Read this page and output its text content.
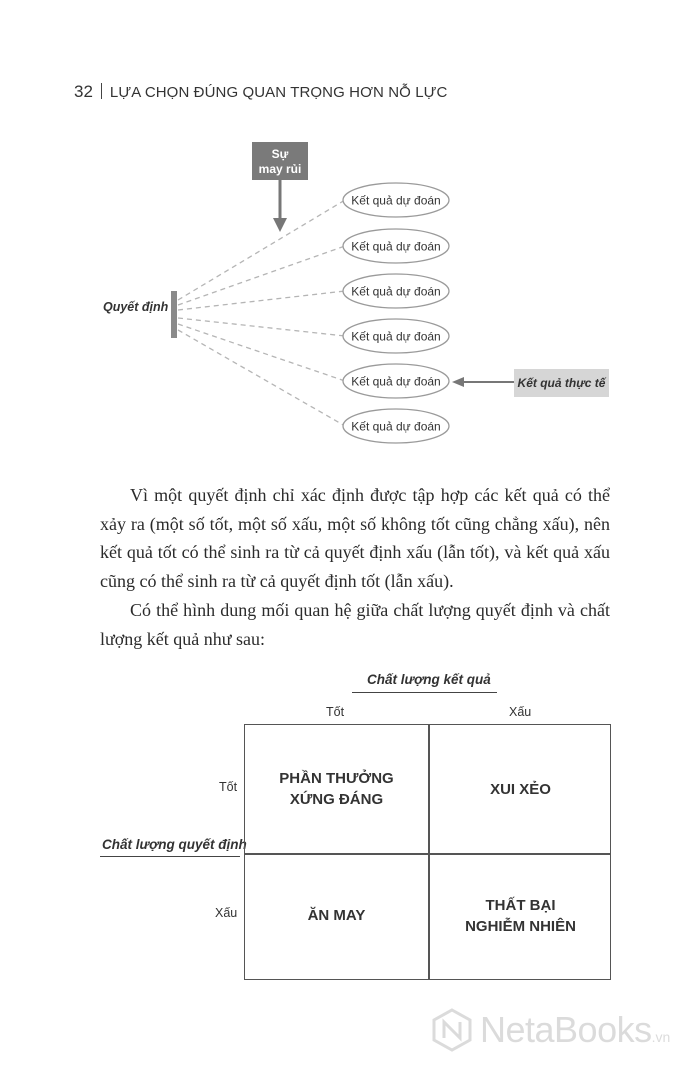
32 LỰA CHỌN ĐÚNG QUAN TRỌNG HƠN NỖ LỰC
Sự
may rủi
Quyết định
Kết quả dự đoán
Kết quả dự đoán
Kết quả dự đoán
Kết quả dự đoán
Kết quả dự đoán
Kết quả dự đoán
Kết quả thực tế

Vì một quyết định chỉ xác định được tập hợp các kết quả có thể xảy ra (một số tốt, một số xấu, một số không tốt cũng chẳng xấu), nên kết quả tốt có thể sinh ra từ cả quyết định xấu (lẫn tốt), và kết quả xấu cũng có thể sinh ra từ cả quyết định tốt (lẫn xấu).

Có thể hình dung mối quan hệ giữa chất lượng quyết định và chất lượng kết quả như sau:

Chất lượng kết quả
Tốt	Xấu
Tốt
Chất lượng quyết định
Xấu
PHẦN THƯỞNG
XỨNG ĐÁNG
XUI XẺO
ĂN MAY
THẤT BẠI
NGHIỄM NHIÊN
NetaBooks .vn
